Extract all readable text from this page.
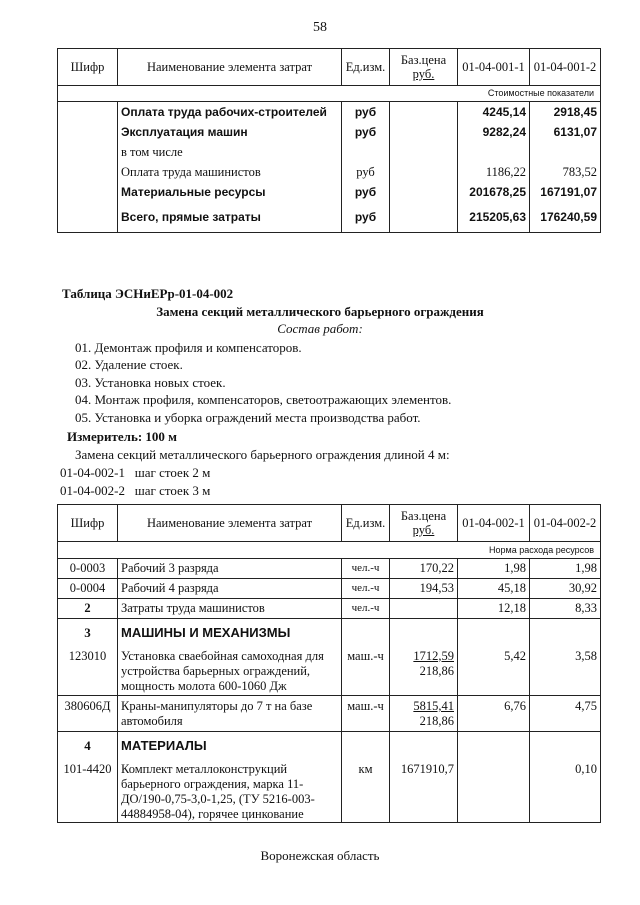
58
Шифр	Наименование элемента затрат	Ед.изм.	Баз.цена
руб.	01-04-001-1	01-04-001-2
Стоимостные показатели					
	Оплата труда рабочих-строителей	руб		4245,14	2918,45
	Эксплуатация машин	руб		9282,24	6131,07
	в том числе				
	Оплата труда машинистов	руб		1186,22	783,52
	Материальные ресурсы	руб		201678,25	167191,07
	Всего, прямые затраты	руб		215205,63	176240,59
Таблица ЭСНиЕРр-01-04-002
Замена секций металлического барьерного ограждения
Состав работ:
01. Демонтаж профиля и компенсаторов.
02. Удаление стоек.
03. Установка новых стоек.
04. Монтаж профиля, компенсаторов, светоотражающих элементов.
05. Установка и уборка ограждений места производства работ.
Измеритель: 100 м
Замена секций металлического барьерного ограждения длиной 4 м:
01-04-002-1 шаг стоек 2 м
01-04-002-2 шаг стоек 3 м
Шифр	Наименование элемента затрат	Ед.изм.	Баз.цена
руб.	01-04-002-1	01-04-002-2
Норма расхода ресурсов					
0-0003	Рабочий 3 разряда	чел.-ч	170,22	1,98	1,98
0-0004	Рабочий 4 разряда	чел.-ч	194,53	45,18	30,92
2	Затраты труда машинистов	чел.-ч		12,18	8,33
3	МАШИНЫ И МЕХАНИЗМЫ				
123010	Установка сваебойная самоходная для
устройства барьерных ограждений,
мощность молота 600-1060 Дж	маш.-ч	1712,59
218,86	5,42	3,58
380606Д	Краны-манипуляторы до 7 т на базе
автомобиля	маш.-ч	5815,41
218,86	6,76	4,75
4	МАТЕРИАЛЫ				
101-4420	Комплект металлоконструкций
барьерного ограждения, марка 11-
ДО/190-0,75-3,0-1,25, (ТУ 5216-003-
44884958-04), горячее цинкование	км	1671910,7		0,10
Воронежская область
